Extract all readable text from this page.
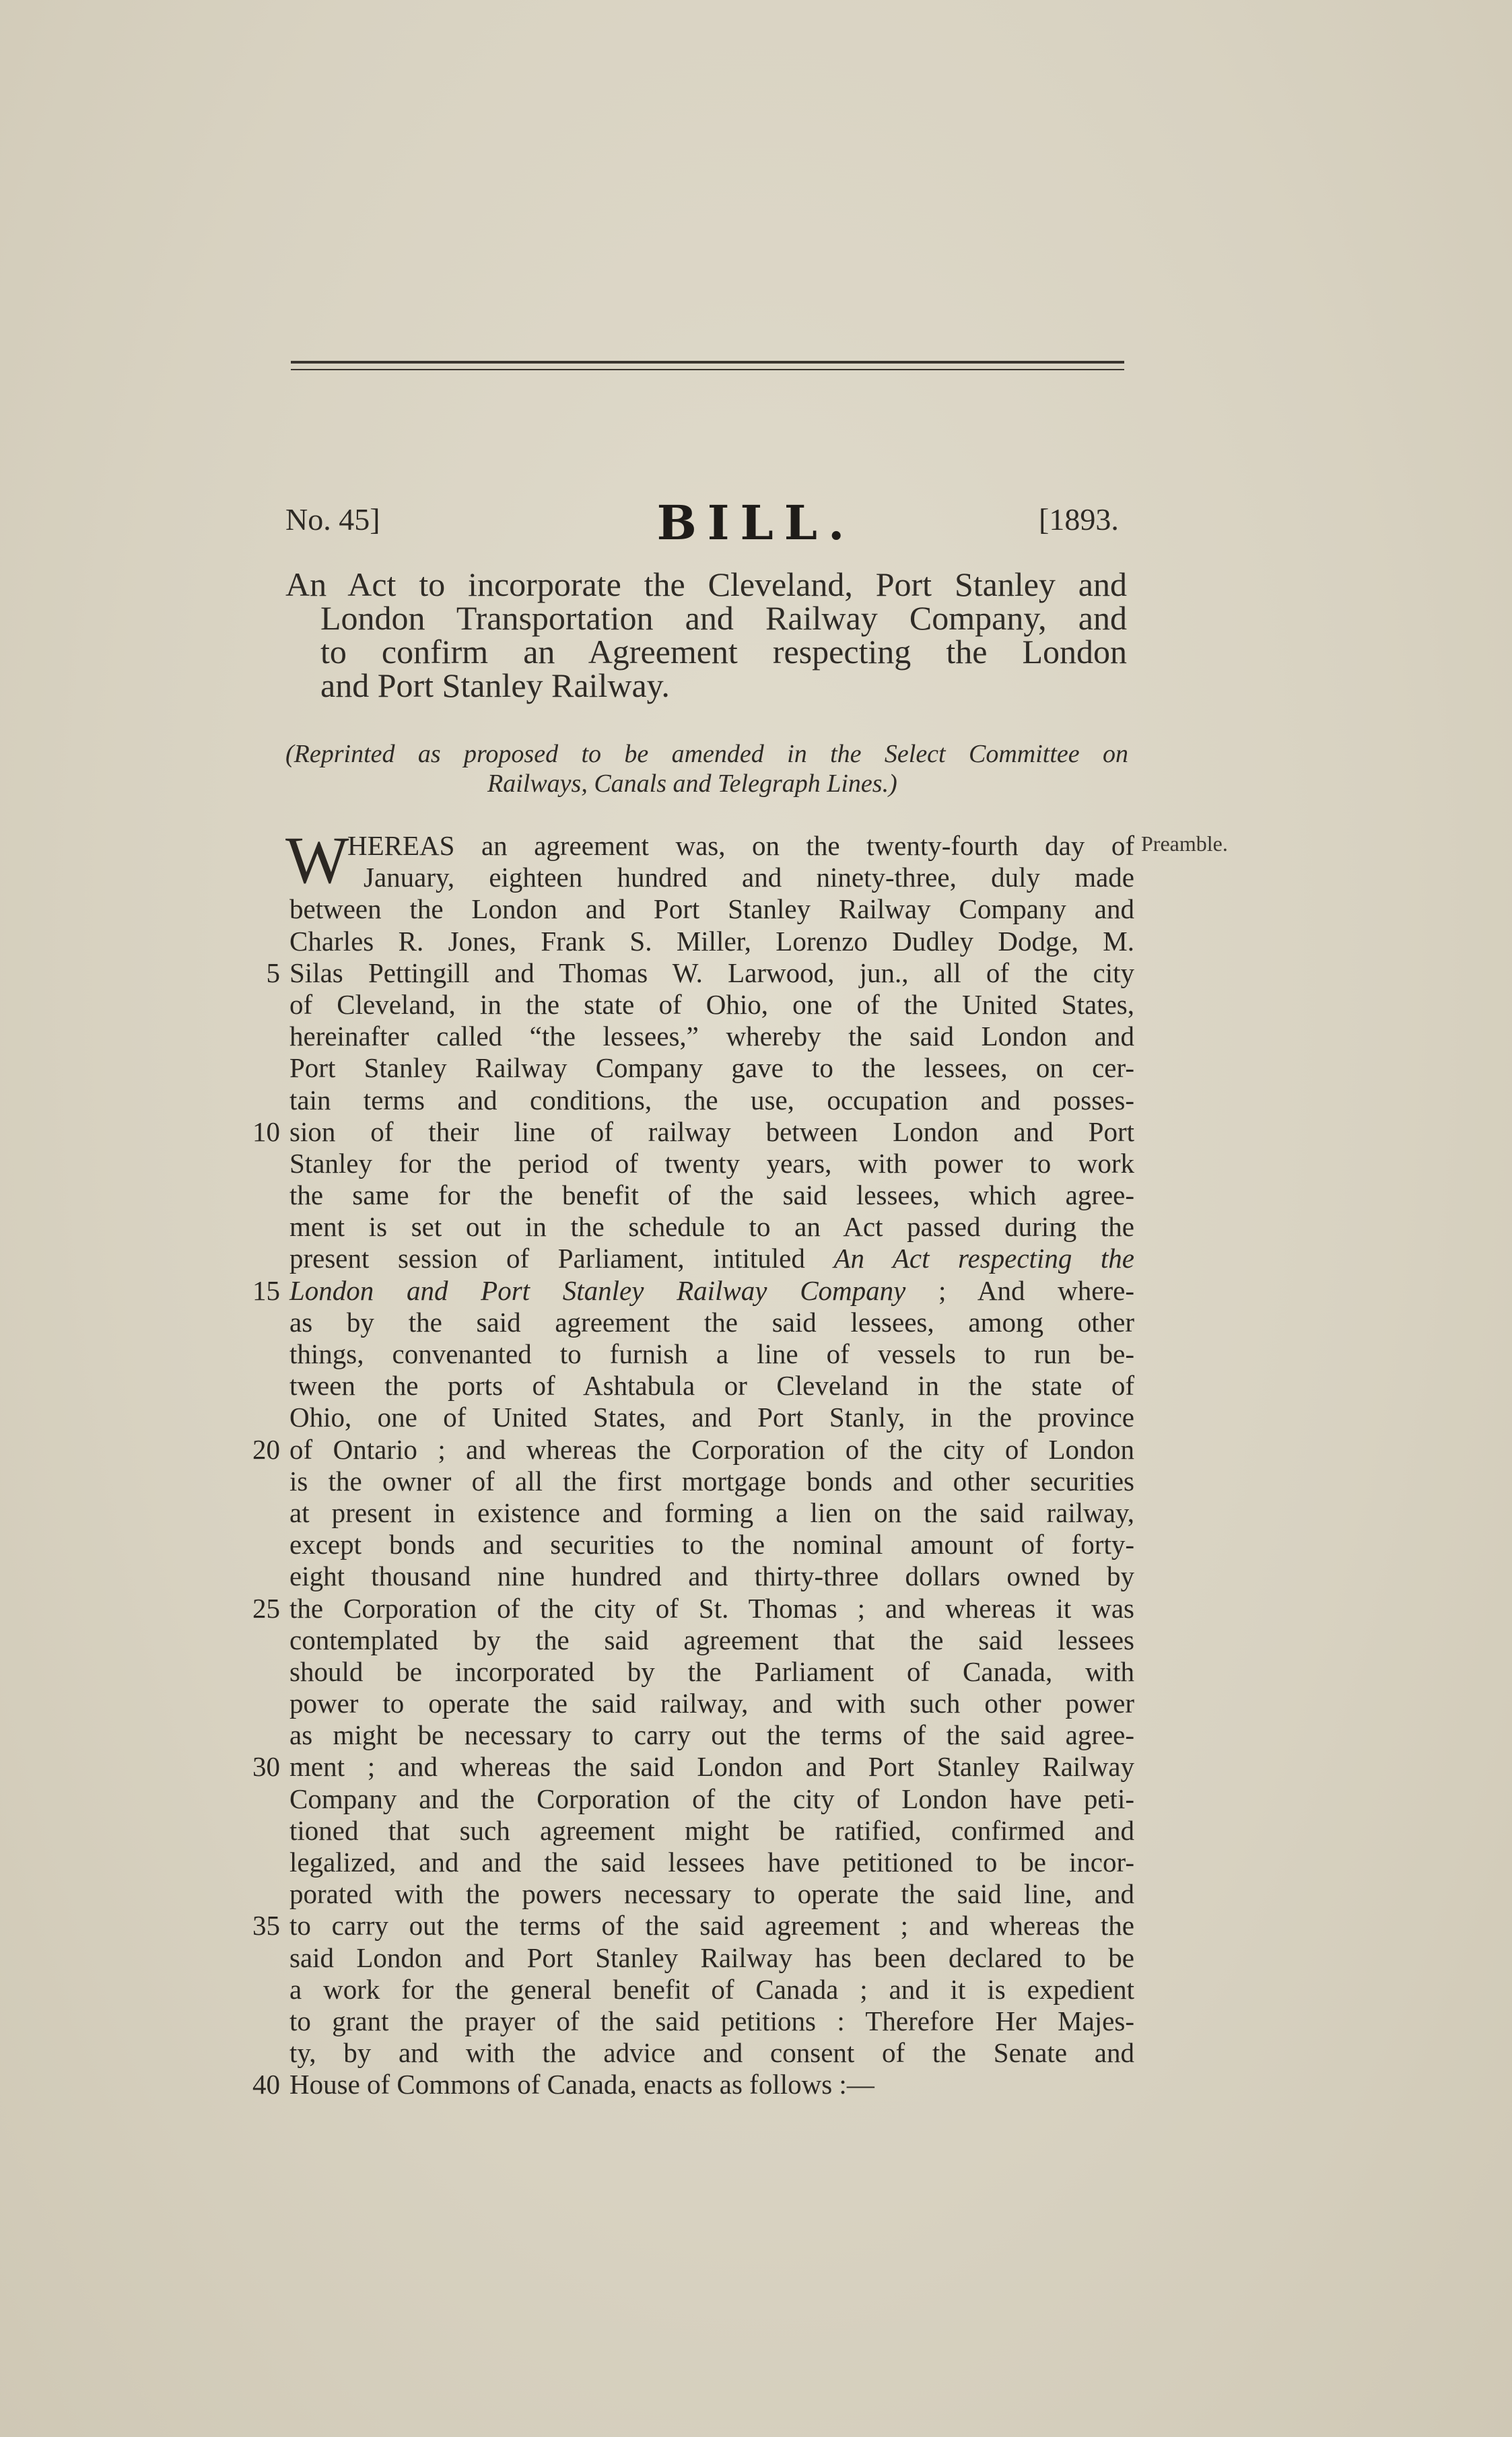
No. 45]	BILL.	[1893.
An Act to incorporate the Cleveland, Port Stanley and
London Transportation and Railway Company, and
to confirm an Agreement respecting the London
and Port Stanley Railway.
(Reprinted as proposed to be amended in the Select Committee on
Railways, Canals and Telegraph Lines.)
Preamble.
W
HEREAS an agreement was, on the twenty-fourth day of
January, eighteen hundred and ninety-three, duly made
between the London and Port Stanley Railway Company and
Charles R. Jones, Frank S. Miller, Lorenzo Dudley Dodge, M.
5 Silas Pettingill and Thomas W. Larwood, jun., all of the city
of Cleveland, in the state of Ohio, one of the United States,
hereinafter called “the lessees,” whereby the said London and
Port Stanley Railway Company gave to the lessees, on cer-
tain terms and conditions, the use, occupation and posses-
10 sion of their line of railway between London and Port
Stanley for the period of twenty years, with power to work
the same for the benefit of the said lessees, which agree-
ment is set out in the schedule to an Act passed during the
present session of Parliament, intituled An Act respecting the
15 London and Port Stanley Railway Company ; And where-
as by the said agreement the said lessees, among other
things, convenanted to furnish a line of vessels to run be-
tween the ports of Ashtabula or Cleveland in the state of
Ohio, one of United States, and Port Stanly, in the province
20 of Ontario ; and whereas the Corporation of the city of London
is the owner of all the first mortgage bonds and other securities
at present in existence and forming a lien on the said railway,
except bonds and securities to the nominal amount of forty-
eight thousand nine hundred and thirty-three dollars owned by
25 the Corporation of the city of St. Thomas ; and whereas it was
contemplated by the said agreement that the said lessees
should be incorporated by the Parliament of Canada, with
power to operate the said railway, and with such other power
as might be necessary to carry out the terms of the said agree-
30 ment ; and whereas the said London and Port Stanley Railway
Company and the Corporation of the city of London have peti-
tioned that such agreement might be ratified, confirmed and
legalized, and and the said lessees have petitioned to be incor-
porated with the powers necessary to operate the said line, and
35 to carry out the terms of the said agreement ; and whereas the
said London and Port Stanley Railway has been declared to be
a work for the general benefit of Canada ; and it is expedient
to grant the prayer of the said petitions : Therefore Her Majes-
ty, by and with the advice and consent of the Senate and
40 House of Commons of Canada, enacts as follows :—
